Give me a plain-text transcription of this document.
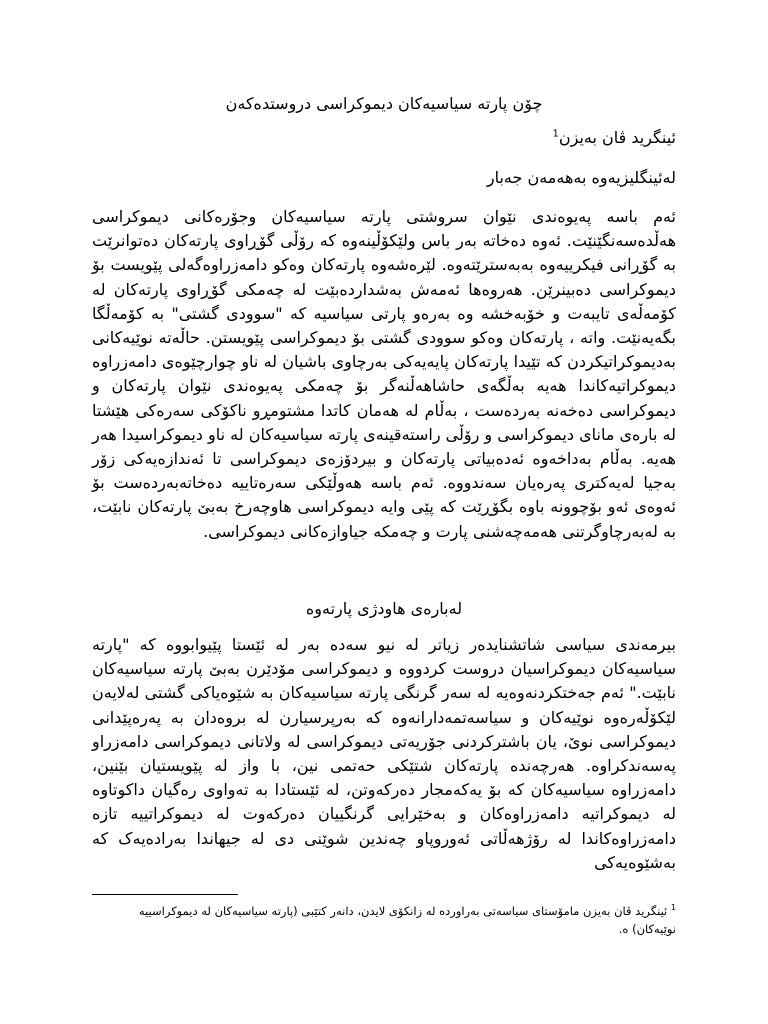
چۆن پارتە سیاسیەکان دیموکراسی دروستدەکەن
ئینگرید ڤان بەیزن$^1$
لەئینگلیزیەوە بەهەمەن جەبار

ئەم باسە پەیوەندی نێوان سروشتی پارتە سیاسیەکان وجۆرەکانی دیموکراسی هەڵدەسەنگێنێت. ئەوە دەخاتە بەر باس ولێکۆڵینەوە کە رۆڵی گۆڕاوی پارتەکان دەتوانرێت بە گۆڕانی فیکرییەوە بەبەسترێتەوە. لێرەشەوە پارتەکان وەکو دامەزراوەگەلی پێویست بۆ دیموکراسی دەبینرێن. هەروەها ئەمەش بەشداردەبێت لە چەمکی گۆڕاوی پارتەکان لە کۆمەڵەی تایبەت و خۆبەخشە وە بەرەو پارتی سیاسیە کە "سوودی گشتی" بە کۆمەڵگا بگەیەنێت. واتە ، پارتەکان وەکو سوودی گشتی بۆ دیموکراسی پێویستن. حاڵەتە نوێیەکانی بەدیموکراتیکردن کە تێیدا پارتەکان پایەیەکی بەرچاوی باشیان لە ناو چوارچێوەی دامەزراوە دیموکراتیەکاندا هەیە بەڵگەی حاشاهەڵنەگر بۆ چەمکی پەیوەندی نێوان پارتەکان و دیموکراسی دەخەنە بەردەست ، بەڵام لە هەمان کاتدا مشتومڕو ناکۆکی سەرەکی هێشتا لە بارەی مانای دیموکراسی و رۆڵی راستەقینەی پارتە سیاسیەکان لە ناو دیموکراسیدا هەر هەیە. بەڵام بەداخەوە ئەدەبیاتی پارتەکان و بیردۆزەی دیموکراسی تا ئەندازەیەکی زۆر بەجیا لەیەکتری پەرەیان سەندووە. ئەم باسە هەوڵێکی سەرەتاییە دەخاتەبەردەست بۆ ئەوەی ئەو بۆچوونە باوە بگۆڕێت کە پێی وایە دیموکراسی هاوچەرخ بەبێ پارتەکان نابێت، بە لەبەرچاوگرتنی هەمەچەشنی پارت و چەمکە جیاوازەکانی دیموکراسی.

لەبارەی هاودژی پارتەوە

بیرمەندی سیاسی شاتشنایدەر زیاتر لە نیو سەدە بەر لە ئێستا پێیوابووە کە "پارتە سیاسیەکان دیموکراسیان دروست کردووە و دیموکراسی مۆدێرن بەبێ پارتە سیاسیەکان نابێت." ئەم جەختکردنەوەیە لە سەر گرنگی پارتە سیاسیەکان بە شێوەیاکی گشتی لەلایەن لێکۆڵەرەوە نوێیەکان و سیاسەتمەدارانەوە کە بەرپرسیارن لە بروەدان بە پەرەپێدانی دیموکراسی نوێ، یان باشترکردنی جۆریەتی دیموکراسی لە ولاتانی دیموکراسی دامەزراو پەسەندکراوە. هەرچەندە پارتەکان شتێکی حەتمی نین، با واز لە پێویستیان بێنین، دامەزراوە سیاسیەکان کە بۆ یەکەمجار دەرکەوتن، لە ئێستادا بە تەواوی رەگیان داکوتاوە لە دیموکراتیە دامەزراوەکان و بەخێرایی گرنگییان دەرکەوت لە دیموکراتییە تازە دامەزراوەکاندا لە رۆژهەڵاتی ئەوروپاو چەندین شوێنی دی لە جیهاندا بەرادەیەک کە بەشێوەیەکی

$^1$ ئینگرید ڤان بەیزن مامۆستای سیاسەتی بەراوردە لە زانکۆی لایدن، دانەر کتێبی (پارتە سیاسیەکان لە دیموکراسییە نوێیەکان) ە.
